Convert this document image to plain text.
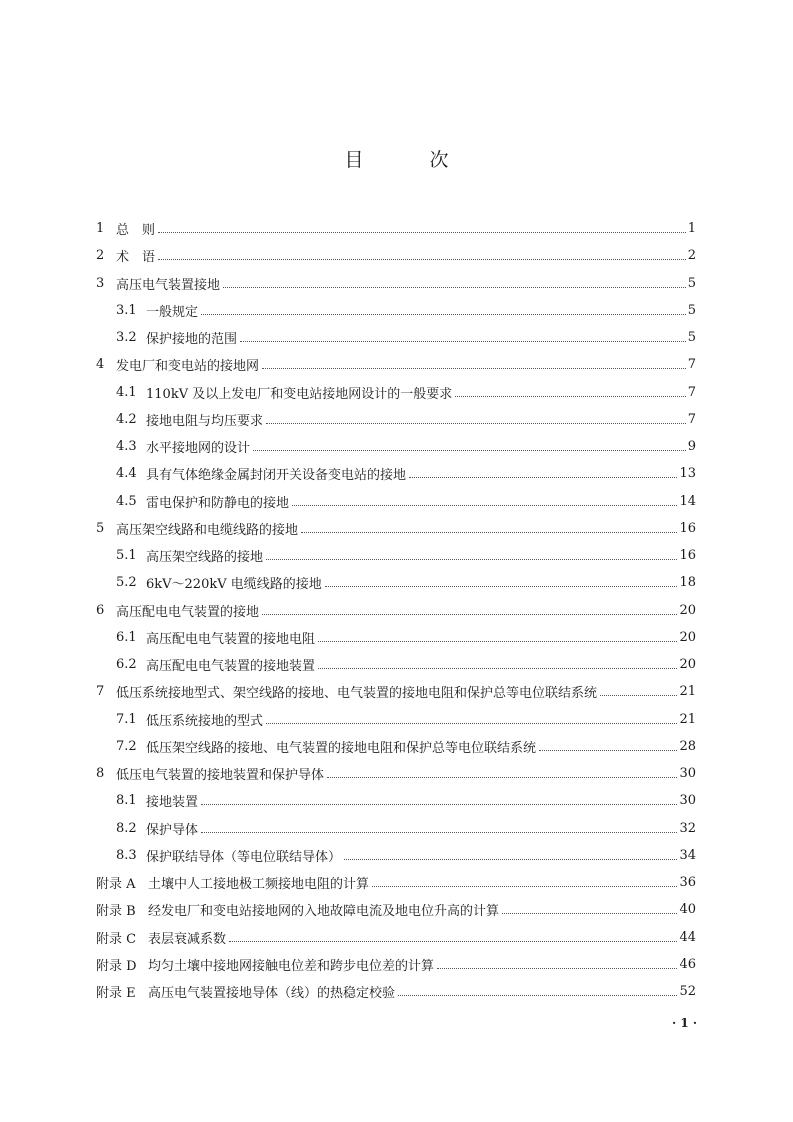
目 次
1 总　则	1
2 术　语	2
3 高压电气装置接地	5
3.1 一般规定	5
3.2 保护接地的范围	5
4 发电厂和变电站的接地网	7
4.1 110kV 及以上发电厂和变电站接地网设计的一般要求	7
4.2 接地电阻与均压要求	7
4.3 水平接地网的设计	9
4.4 具有气体绝缘金属封闭开关设备变电站的接地	13
4.5 雷电保护和防静电的接地	14
5 高压架空线路和电缆线路的接地	16
5.1 高压架空线路的接地	16
5.2 6kV～220kV 电缆线路的接地	18
6 高压配电电气装置的接地	20
6.1 高压配电电气装置的接地电阻	20
6.2 高压配电电气装置的接地装置	20
7 低压系统接地型式、架空线路的接地、电气装置的接地电阻和保护总等电位联结系统	21
7.1 低压系统接地的型式	21
7.2 低压架空线路的接地、电气装置的接地电阻和保护总等电位联结系统	28
8 低压电气装置的接地装置和保护导体	30
8.1 接地装置	30
8.2 保护导体	32
8.3 保护联结导体（等电位联结导体）	34
附录 A 土壤中人工接地极工频接地电阻的计算	36
附录 B 经发电厂和变电站接地网的入地故障电流及地电位升高的计算	40
附录 C 表层衰减系数	44
附录 D 均匀土壤中接地网接触电位差和跨步电位差的计算	46
附录 E 高压电气装置接地导体（线）的热稳定校验	52
· 1 ·
